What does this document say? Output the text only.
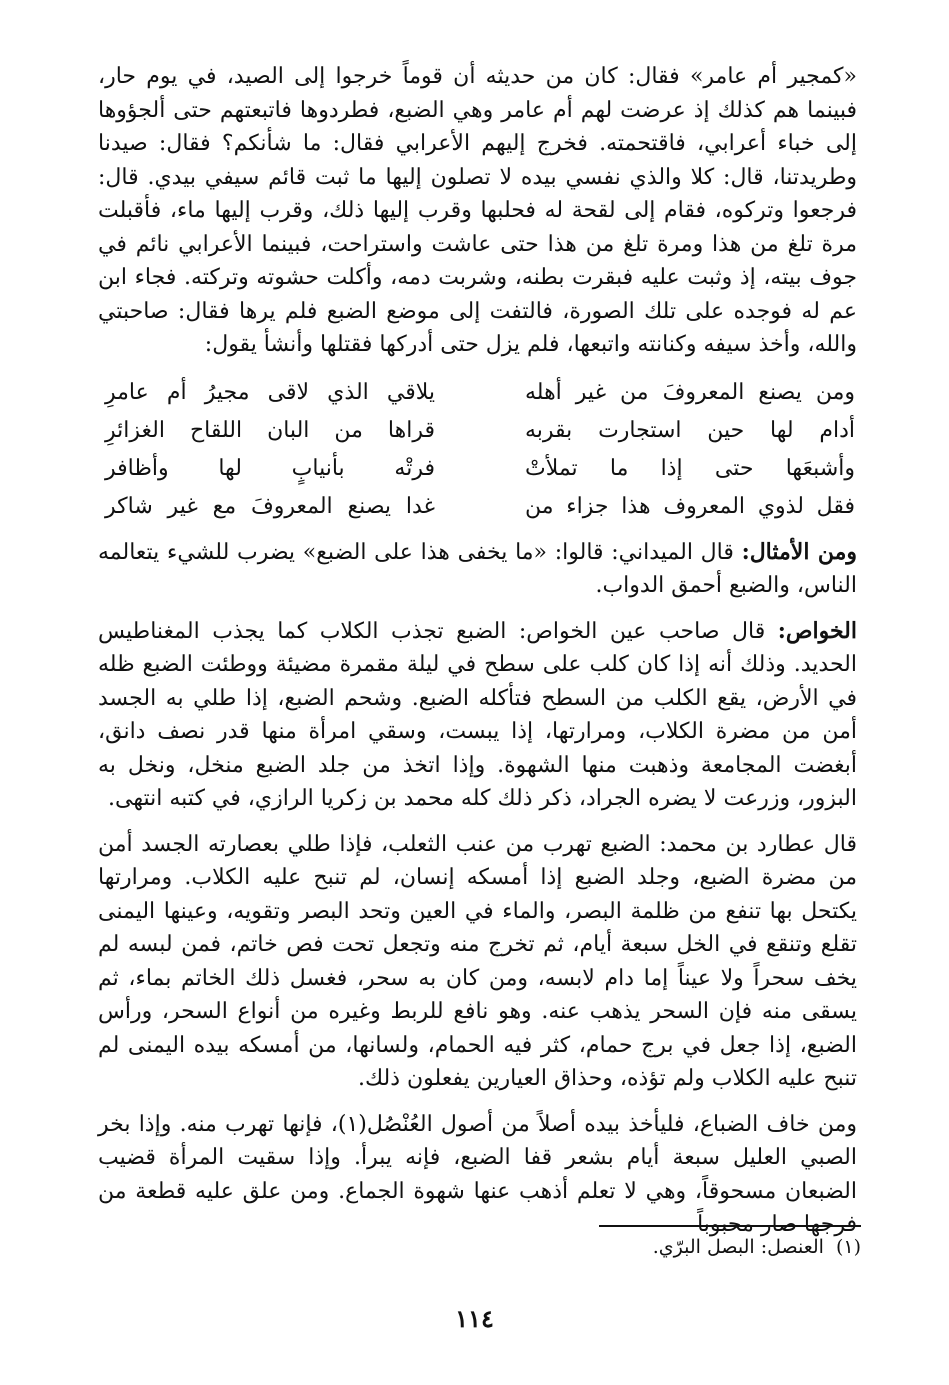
«كمجير أم عامر» فقال: كان من حديثه أن قوماً خرجوا إلى الصيد، في يوم حار، فبينما هم كذلك إذ عرضت لهم أم عامر وهي الضبع، فطردوها فاتبعتهم حتى ألجؤوها إلى خباء أعرابي، فاقتحمته. فخرج إليهم الأعرابي فقال: ما شأنكم؟ فقال: صيدنا وطريدتنا، قال: كلا والذي نفسي بيده لا تصلون إليها ما ثبت قائم سيفي بيدي. قال: فرجعوا وتركوه، فقام إلى لقحة له فحلبها وقرب إليها ذلك، وقرب إليها ماء، فأقبلت مرة تلغ من هذا ومرة تلغ من هذا حتى عاشت واستراحت، فبينما الأعرابي نائم في جوف بيته، إذ وثبت عليه فبقرت بطنه، وشربت دمه، وأكلت حشوته وتركته. فجاء ابن عم له فوجده على تلك الصورة، فالتفت إلى موضع الضبع فلم يرها فقال: صاحبتي والله، وأخذ سيفه وكنانته واتبعها، فلم يزل حتى أدركها فقتلها وأنشأ يقول:

ومن يصنع المعروفَ من غير أهله
يلاقي الذي لاقى مجيرُ أم عامرِ
أدام لها حين استجارت بقربه
قراها من البان اللقاح الغزائرِ
وأشبعَها حتى إذا ما تملأتْ
فرتْه بأنيابٍ لها وأظافر
فقل لذوي المعروف هذا جزاء من
غدا يصنع المعروفَ مع غير شاكر

ومن الأمثال: قال الميداني: قالوا: «ما يخفى هذا على الضبع» يضرب للشيء يتعالمه الناس، والضبع أحمق الدواب.

الخواص: قال صاحب عين الخواص: الضبع تجذب الكلاب كما يجذب المغناطيس الحديد. وذلك أنه إذا كان كلب على سطح في ليلة مقمرة مضيئة ووطئت الضبع ظله في الأرض، يقع الكلب من السطح فتأكله الضبع. وشحم الضبع، إذا طلي به الجسد أمن من مضرة الكلاب، ومرارتها، إذا يبست، وسقي امرأة منها قدر نصف دانق، أبغضت المجامعة وذهبت منها الشهوة. وإذا اتخذ من جلد الضبع منخل، ونخل به البزور، وزرعت لا يضره الجراد، ذكر ذلك كله محمد بن زكريا الرازي، في كتبه انتهى.

قال عطارد بن محمد: الضبع تهرب من عنب الثعلب، فإذا طلي بعصارته الجسد أمن من مضرة الضبع، وجلد الضبع إذا أمسكه إنسان، لم تنبح عليه الكلاب. ومرارتها يكتحل بها تنفع من ظلمة البصر، والماء في العين وتحد البصر وتقويه، وعينها اليمنى تقلع وتنقع في الخل سبعة أيام، ثم تخرج منه وتجعل تحت فص خاتم، فمن لبسه لم يخف سحراً ولا عيناً إما دام لابسه، ومن كان به سحر، فغسل ذلك الخاتم بماء، ثم يسقى منه فإن السحر يذهب عنه. وهو نافع للربط وغيره من أنواع السحر، ورأس الضبع، إذا جعل في برج حمام، كثر فيه الحمام، ولسانها، من أمسكه بيده اليمنى لم تنبح عليه الكلاب ولم تؤذه، وحذاق العيارين يفعلون ذلك.

ومن خاف الضباع، فليأخذ بيده أصلاً من أصول العُنْصُل(١)، فإنها تهرب منه. وإذا بخر الصبي العليل سبعة أيام بشعر قفا الضبع، فإنه يبرأ. وإذا سقيت المرأة قضيب الضبعان مسحوقاً، وهي لا تعلم أذهب عنها شهوة الجماع. ومن علق عليه قطعة من فرجها صار محبوباً

(١)العنصل: البصل البرّي.
١١٤
